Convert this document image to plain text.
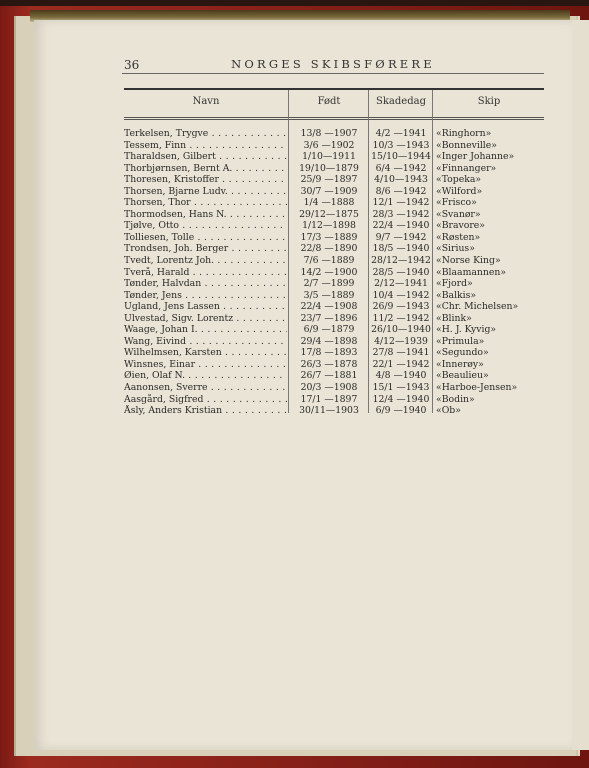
36	NORGES SKIBSFØRERE
Navn	Født	Skadedag	Skip
Terkelsen, Trygve . . .	13/8 —1907	4/2 —1941	«Ringhorn»
Tessem, Finn . . .	3/6 —1902	10/3 —1943 «Bonneville»
Tharaldsen, Gilbert . . .	1/10—1911	15/10—1944 «Inger Johanne»
Thorbjørnsen, Bernt A. . . .	19/10—1879	6/4 —1942	«Finnanger»
Thoresen, Kristoffer . . .	25/9 —1897	4/10—1943 «Topeka»
Thorsen, Bjarne Ludv. . . .	30/7 —1909	8/6 —1942	«Wilford»
Thorsen, Thor . . .	1/4 —1888	12/1 —1942 «Frisco»
Thormodsen, Hans N. . . .	29/12—1875	28/3 —1942 «Svanør»
Tjølve, Otto . . .	1/12—1898	22/4 —1940 «Bravore»
Tolliesen, Tolle . . .	17/3 —1889	9/7 —1942	«Røsten»
Trondsen, Joh. Berger . . .	22/8 —1890	18/5 —1940 «Sirius»
Tvedt, Lorentz Joh. . . .	7/6 —1889	28/12—1942 «Norse King»
Tverå, Harald . . .	14/2 —1900	28/5 —1940 «Blaamannen»
Tønder, Halvdan . . .	2/7 —1899	2/12—1941 «Fjord»
Tønder, Jens . . .	3/5 —1889	10/4 —1942 «Balkis»
Ugland, Jens Lassen . . .	22/4 —1908	26/9 —1943 «Chr. Michelsen»
Ulvestad, Sigv. Lorentz . . .	23/7 —1896	11/2 —1942 «Blink»
Waage, Johan I. . . .	6/9 —1879	26/10—1940 «H. J. Kyvig»
Wang, Eivind . . .	29/4 —1898	4/12—1939 «Primula»
Wilhelmsen, Karsten . . .	17/8 —1893	27/8 —1941 «Segundo»
Winsnes, Einar . . .	26/3 —1878	22/1 —1942 «Innerøy»
Øien, Olaf N. . . .	26/7 —1881	4/8 —1940	«Beaulieu»
Aanonsen, Sverre . . .	20/3 —1908	15/1 —1943 «Harboe-Jensen»
Aasgård, Sigfred . . .	17/1 —1897	12/4 —1940 «Bodin»
Åsly, Anders Kristian . . .	30/11—1903	6/9 —1940	«Ob»
